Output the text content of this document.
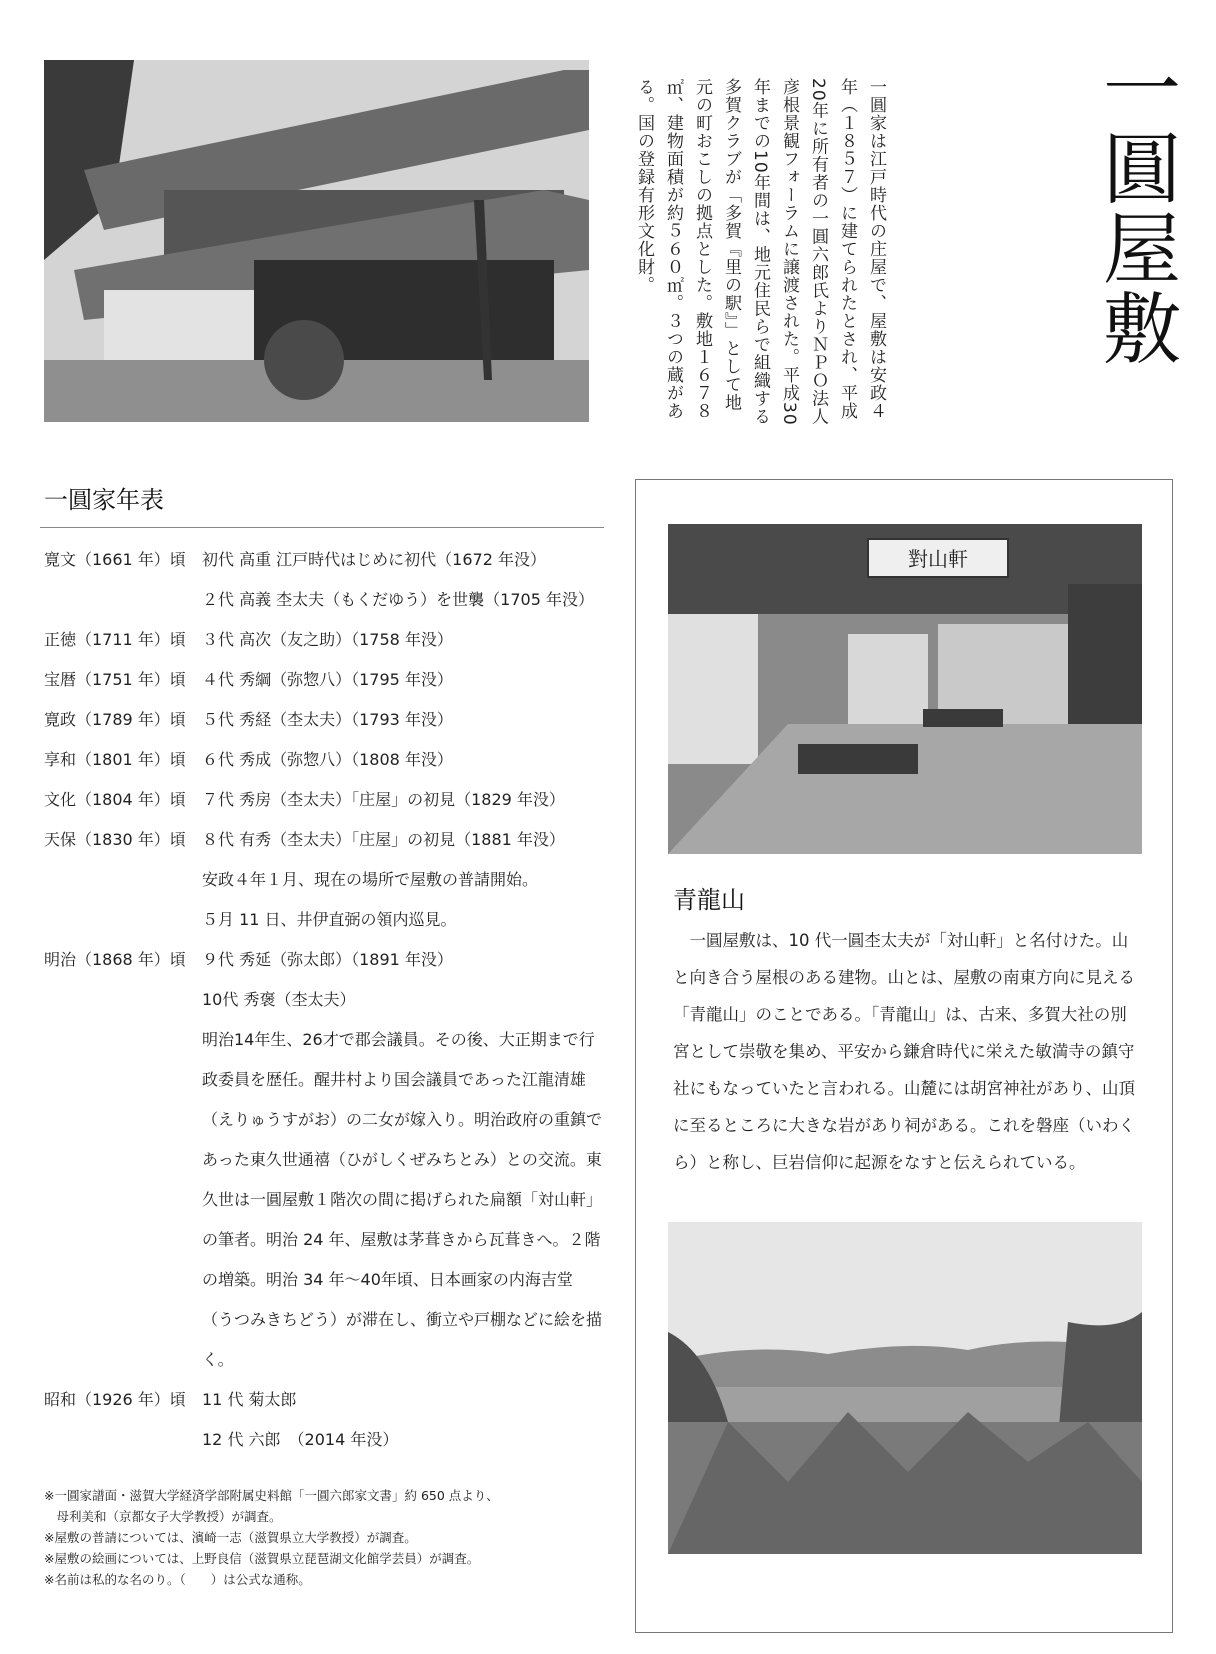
一圓屋敷
一圓家は江戸時代の庄屋で、屋敷は安政４年（１８５７）に建てられたとされ、平成20年に所有者の一圓六郎氏よりＮＰＯ法人彦根景観フォーラムに譲渡された。平成30年までの10年間は、地元住民らで組織する多賀クラブが「多賀『里の駅』」として地元の町おこしの拠点とした。敷地１６７８㎡、建物面積が約５６０㎡。３つの蔵がある。国の登録有形文化財。
一圓家年表
寛文（1661 年）頃	初代 高重 江戸時代はじめに初代（1672 年没）
２代 高義 杢太夫（もくだゆう）を世襲（1705 年没）
正徳（1711 年）頃	３代 高次（友之助）（1758 年没）
宝暦（1751 年）頃	４代 秀綱（弥惣八）（1795 年没）
寛政（1789 年）頃	５代 秀経（杢太夫）（1793 年没）
享和（1801 年）頃	６代 秀成（弥惣八）（1808 年没）
文化（1804 年）頃	７代 秀房（杢太夫）「庄屋」の初見（1829 年没）
天保（1830 年）頃	８代 有秀（杢太夫）「庄屋」の初見（1881 年没）
安政４年１月、現在の場所で屋敷の普請開始。
５月 11 日、井伊直弼の領内巡見。
明治（1868 年）頃	９代 秀延（弥太郎）（1891 年没）
10代 秀褒（杢太夫）
明治14年生、26才で郡会議員。その後、大正期まで行政委員を歴任。醒井村より国会議員であった江龍清雄（えりゅうすがお）の二女が嫁入り。明治政府の重鎮であった東久世通禧（ひがしくぜみちとみ）との交流。東久世は一圓屋敷１階次の間に掲げられた扁額「対山軒」の筆者。明治 24 年、屋敷は茅葺きから瓦葺きへ。２階の増築。明治 34 年～40年頃、日本画家の内海吉堂（うつみきちどう）が滞在し、衝立や戸棚などに絵を描く。
昭和（1926 年）頃	11 代 菊太郎
12 代 六郎　（2014 年没）
※一圓家譜面・滋賀大学経済学部附属史料館「一圓六郎家文書」約 650 点より、
　母利美和（京都女子大学教授）が調査。
※屋敷の普請については、濱崎一志（滋賀県立大学教授）が調査。
※屋敷の絵画については、上野良信（滋賀県立琵琶湖文化館学芸員）が調査。
※名前は私的な名のり。（　　）は公式な通称。
對山軒
青龍山
一圓屋敷は、10 代一圓杢太夫が「対山軒」と名付けた。山と向き合う屋根のある建物。山とは、屋敷の南東方向に見える「青龍山」のことである。「青龍山」は、古来、多賀大社の別宮として崇敬を集め、平安から鎌倉時代に栄えた敏満寺の鎮守社にもなっていたと言われる。山麓には胡宮神社があり、山頂に至るところに大きな岩があり祠がある。これを磐座（いわくら）と称し、巨岩信仰に起源をなすと伝えられている。
